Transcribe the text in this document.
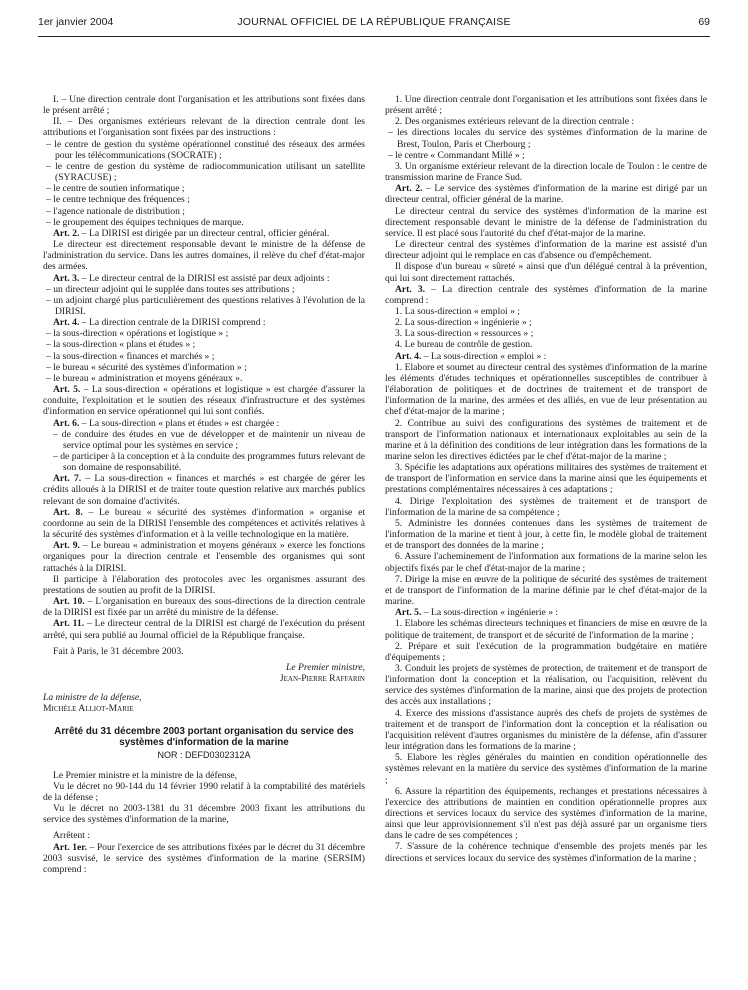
1er janvier 2004	JOURNAL OFFICIEL DE LA RÉPUBLIQUE FRANÇAISE	69

I. – Une direction centrale dont l'organisation et les attributions sont fixées dans le présent arrêté ;

II. – Des organismes extérieurs relevant de la direction centrale dont les attributions et l'organisation sont fixées par des instructions :

– le centre de gestion du système opérationnel constitué des réseaux des armées pour les télécommunications (SOCRATE) ;

– le centre de gestion du système de radiocommunication utilisant un satellite (SYRACUSE) ;

– le centre de soutien informatique ;

– le centre technique des fréquences ;

– l'agence nationale de distribution ;

– le groupement des équipes techniques de marque.

Art. 2. – La DIRISI est dirigée par un directeur central, officier général.

Le directeur est directement responsable devant le ministre de la défense de l'administration du service. Dans les autres domaines, il relève du chef d'état-major des armées.

Art. 3. – Le directeur central de la DIRISI est assisté par deux adjoints :

– un directeur adjoint qui le supplée dans toutes ses attributions ;

– un adjoint chargé plus particulièrement des questions relatives à l'évolution de la DIRISI.

Art. 4. – La direction centrale de la DIRISI comprend :

– la sous-direction « opérations et logistique » ;

– la sous-direction « plans et études » ;

– la sous-direction « finances et marchés » ;

– le bureau « sécurité des systèmes d'information » ;

– le bureau « administration et moyens généraux ».

Art. 5. – La sous-direction « opérations et logistique » est chargée d'assurer la conduite, l'exploitation et le soutien des réseaux d'infrastructure et des systèmes d'information en service opérationnel qui lui sont confiés.

Art. 6. – La sous-direction « plans et études » est chargée :

– de conduire des études en vue de développer et de maintenir un niveau de service optimal pour les systèmes en service ;

– de participer à la conception et à la conduite des programmes futurs relevant de son domaine de responsabilité.

Art. 7. – La sous-direction « finances et marchés » est chargée de gérer les crédits alloués à la DIRISI et de traiter toute question relative aux marchés publics relevant de son domaine d'activités.

Art. 8. – Le bureau « sécurité des systèmes d'information » organise et coordonne au sein de la DIRISI l'ensemble des compétences et activités relatives à la sécurité des systèmes d'information et à la veille technologique en la matière.

Art. 9. – Le bureau « administration et moyens généraux » exerce les fonctions organiques pour la direction centrale et l'ensemble des organismes qui sont rattachés à la DIRISI.

Il participe à l'élaboration des protocoles avec les organismes assurant des prestations de soutien au profit de la DIRISI.

Art. 10. – L'organisation en bureaux des sous-directions de la direction centrale de la DIRISI est fixée par un arrêté du ministre de la défense.

Art. 11. – Le directeur central de la DIRISI est chargé de l'exécution du présent arrêté, qui sera publié au Journal officiel de la République française.

Fait à Paris, le 31 décembre 2003.

Le Premier ministre,

Jean-Pierre Raffarin

La ministre de la défense,

Michèle Alliot-Marie

Arrêté du 31 décembre 2003 portant organisation du service des systèmes d'information de la marine

NOR : DEFD0302312A

Le Premier ministre et la ministre de la défense,

Vu le décret no 90-144 du 14 février 1990 relatif à la comptabilité des matériels de la défense ;

Vu le décret no 2003-1381 du 31 décembre 2003 fixant les attributions du service des systèmes d'information de la marine,

Arrêtent :

Art. 1er. – Pour l'exercice de ses attributions fixées par le décret du 31 décembre 2003 susvisé, le service des systèmes d'information de la marine (SERSIM) comprend :

1. Une direction centrale dont l'organisation et les attributions sont fixées dans le présent arrêté ;

2. Des organismes extérieurs relevant de la direction centrale :

– les directions locales du service des systèmes d'information de la marine de Brest, Toulon, Paris et Cherbourg ;

– le centre « Commandant Millé » ;

3. Un organisme extérieur relevant de la direction locale de Toulon : le centre de transmission marine de France Sud.

Art. 2. – Le service des systèmes d'information de la marine est dirigé par un directeur central, officier général de la marine.

Le directeur central du service des systèmes d'information de la marine est directement responsable devant le ministre de la défense de l'administration du service. Il est placé sous l'autorité du chef d'état-major de la marine.

Le directeur central des systèmes d'information de la marine est assisté d'un directeur adjoint qui le remplace en cas d'absence ou d'empêchement.

Il dispose d'un bureau « sûreté » ainsi que d'un délégué central à la prévention, qui lui sont directement rattachés.

Art. 3. – La direction centrale des systèmes d'information de la marine comprend :

1. La sous-direction « emploi » ;

2. La sous-direction « ingénierie » ;

3. La sous-direction « ressources » ;

4. Le bureau de contrôle de gestion.

Art. 4. – La sous-direction « emploi » :

1. Elabore et soumet au directeur central des systèmes d'information de la marine les éléments d'études techniques et opérationnelles susceptibles de contribuer à l'élaboration de politiques et de doctrines de traitement et de transport de l'information de la marine, des armées et des alliés, en vue de leur présentation au chef d'état-major de la marine ;

2. Contribue au suivi des configurations des systèmes de traitement et de transport de l'information nationaux et internationaux exploitables au sein de la marine et à la définition des conditions de leur intégration dans les formations de la marine selon les directives édictées par le chef d'état-major de la marine ;

3. Spécifie les adaptations aux opérations militaires des systèmes de traitement et de transport de l'information en service dans la marine ainsi que les équipements et prestations complémentaires nécessaires à ces adaptations ;

4. Dirige l'exploitation des systèmes de traitement et de transport de l'information de la marine de sa compétence ;

5. Administre les données contenues dans les systèmes de traitement de l'information de la marine et tient à jour, à cette fin, le modèle global de traitement et de transport des données de la marine ;

6. Assure l'acheminement de l'information aux formations de la marine selon les objectifs fixés par le chef d'état-major de la marine ;

7. Dirige la mise en œuvre de la politique de sécurité des systèmes de traitement et de transport de l'information de la marine définie par le chef d'état-major de la marine.

Art. 5. – La sous-direction « ingénierie » :

1. Elabore les schémas directeurs techniques et financiers de mise en œuvre de la politique de traitement, de transport et de sécurité de l'information de la marine ;

2. Prépare et suit l'exécution de la programmation budgétaire en matière d'équipements ;

3. Conduit les projets de systèmes de protection, de traitement et de transport de l'information dont la conception et la réalisation, ou l'acquisition, relèvent du service des systèmes d'information de la marine, ainsi que des projets de protection des accès aux installations ;

4. Exerce des missions d'assistance auprès des chefs de projets de systèmes de traitement et de transport de l'information dont la conception et la réalisation ou l'acquisition relèvent d'autres organismes du ministère de la défense, afin d'assurer leur intégration dans les formations de la marine ;

5. Elabore les règles générales du maintien en condition opérationnelle des systèmes relevant en la matière du service des systèmes d'information de la marine ;

6. Assure la répartition des équipements, rechanges et prestations nécessaires à l'exercice des attributions de maintien en condition opérationnelle propres aux directions et services locaux du service des systèmes d'information de la marine, ainsi que leur approvisionnement s'il n'est pas déjà assuré par un organisme tiers dans le cadre de ses compétences ;

7. S'assure de la cohérence technique d'ensemble des projets menés par les directions et services locaux du service des systèmes d'information de la marine ;
